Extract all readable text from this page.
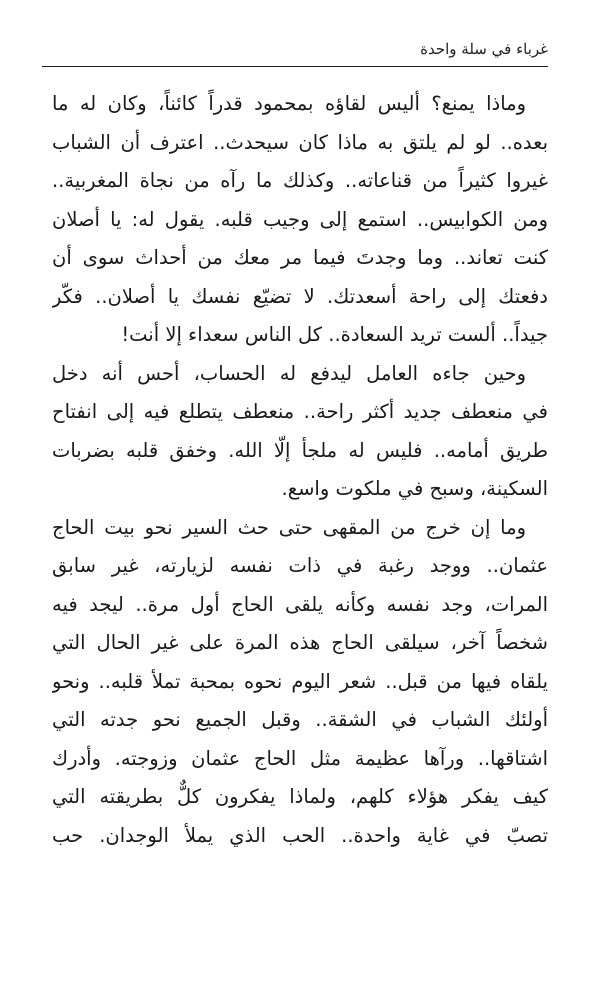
غرباء في سلة واحدة
وماذا يمنع؟ أليس لقاؤه بمحمود قدراً كائناً، وكان له ما
بعده.. لو لم يلتق به ماذا كان سيحدث.. اعترف أن الشباب
غيروا كثيراً من قناعاته.. وكذلك ما رآه من نجاة المغربية..
ومن الكوابيس.. استمع إلى وجيب قلبه. يقول له: يا أصلان
كنت تعاند.. وما وجدتَ فيما مر معك من أحداث سوى أن
دفعتك إلى راحة أسعدتك. لا تضيّع نفسك يا أصلان.. فكّر
جيداً.. ألست تريد السعادة.. كل الناس سعداء إلا أنت!
وحين جاءه العامل ليدفع له الحساب، أحس أنه دخل
في منعطف جديد أكثر راحة.. منعطف يتطلع فيه إلى انفتاح
طريق أمامه.. فليس له ملجأ إلّا الله. وخفق قلبه بضربات
السكينة، وسبح في ملكوت واسع.
وما إن خرج من المقهى حتى حث السير نحو بيت الحاج
عثمان.. ووجد رغبة في ذات نفسه لزيارته، غير سابق
المرات، وجد نفسه وكأنه يلقى الحاج أول مرة.. ليجد فيه
شخصاً آخر، سيلقى الحاج هذه المرة على غير الحال التي
يلقاه فيها من قبل.. شعر اليوم نحوه بمحبة تملأ قلبه.. ونحو
أولئك الشباب في الشقة.. وقبل الجميع نحو جدته التي
اشتاقها.. ورآها عظيمة مثل الحاج عثمان وزوجته. وأدرك
كيف يفكر هؤلاء كلهم، ولماذا يفكرون كلٌّ بطريقته التي
تصبّ في غاية واحدة.. الحب الذي يملأ الوجدان. حب
